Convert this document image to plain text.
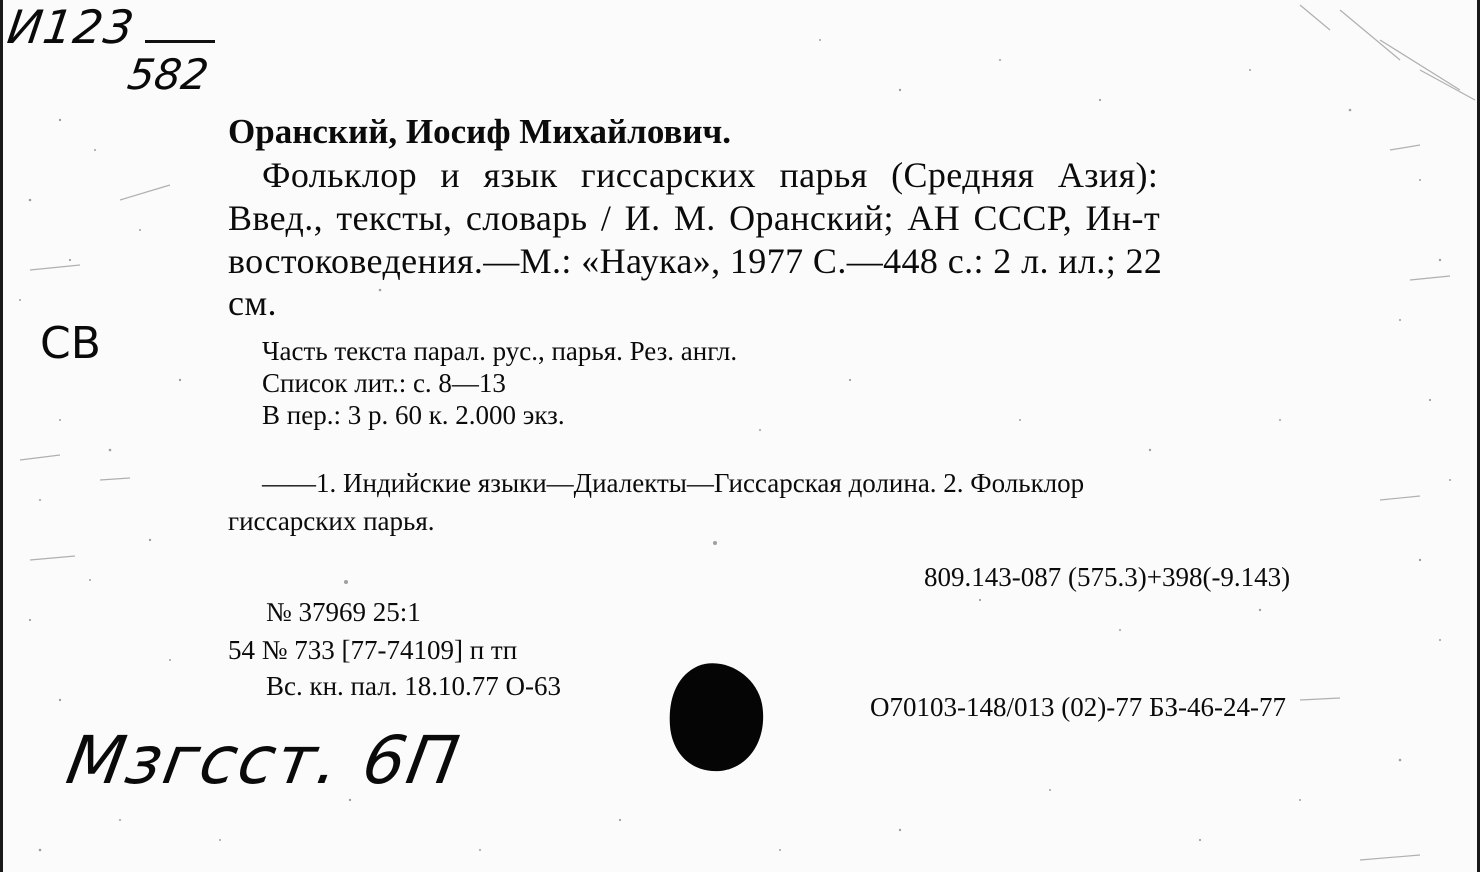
И123
582
СВ
Мзгсст. 6П

Оранский, Иосиф Михайлович.

Фольклор и язык гиссарских парья (Средняя Азия):

Введ., тексты, словарь / И. М. Оранский; АН СССР, Ин-т

востоковедения.—М.: «Наука», 1977 С.—448 с.: 2 л. ил.; 22

см.

Часть текста парал. рус., парья. Рез. англ.

Список лит.: с. 8—13

В пер.: 3 р. 60 к. 2.000 экз.

——1. Индийские языки—Диалекты—Гиссарская долина. 2. Фольклор

гиссарских парья.

809.143-087 (575.3)+398(-9.143)

№ 37969 25:1

54 № 733 [77-74109] п тп

Вс. кн. пал. 18.10.77 О-63

О70103-148/013 (02)-77 БЗ-46-24-77
